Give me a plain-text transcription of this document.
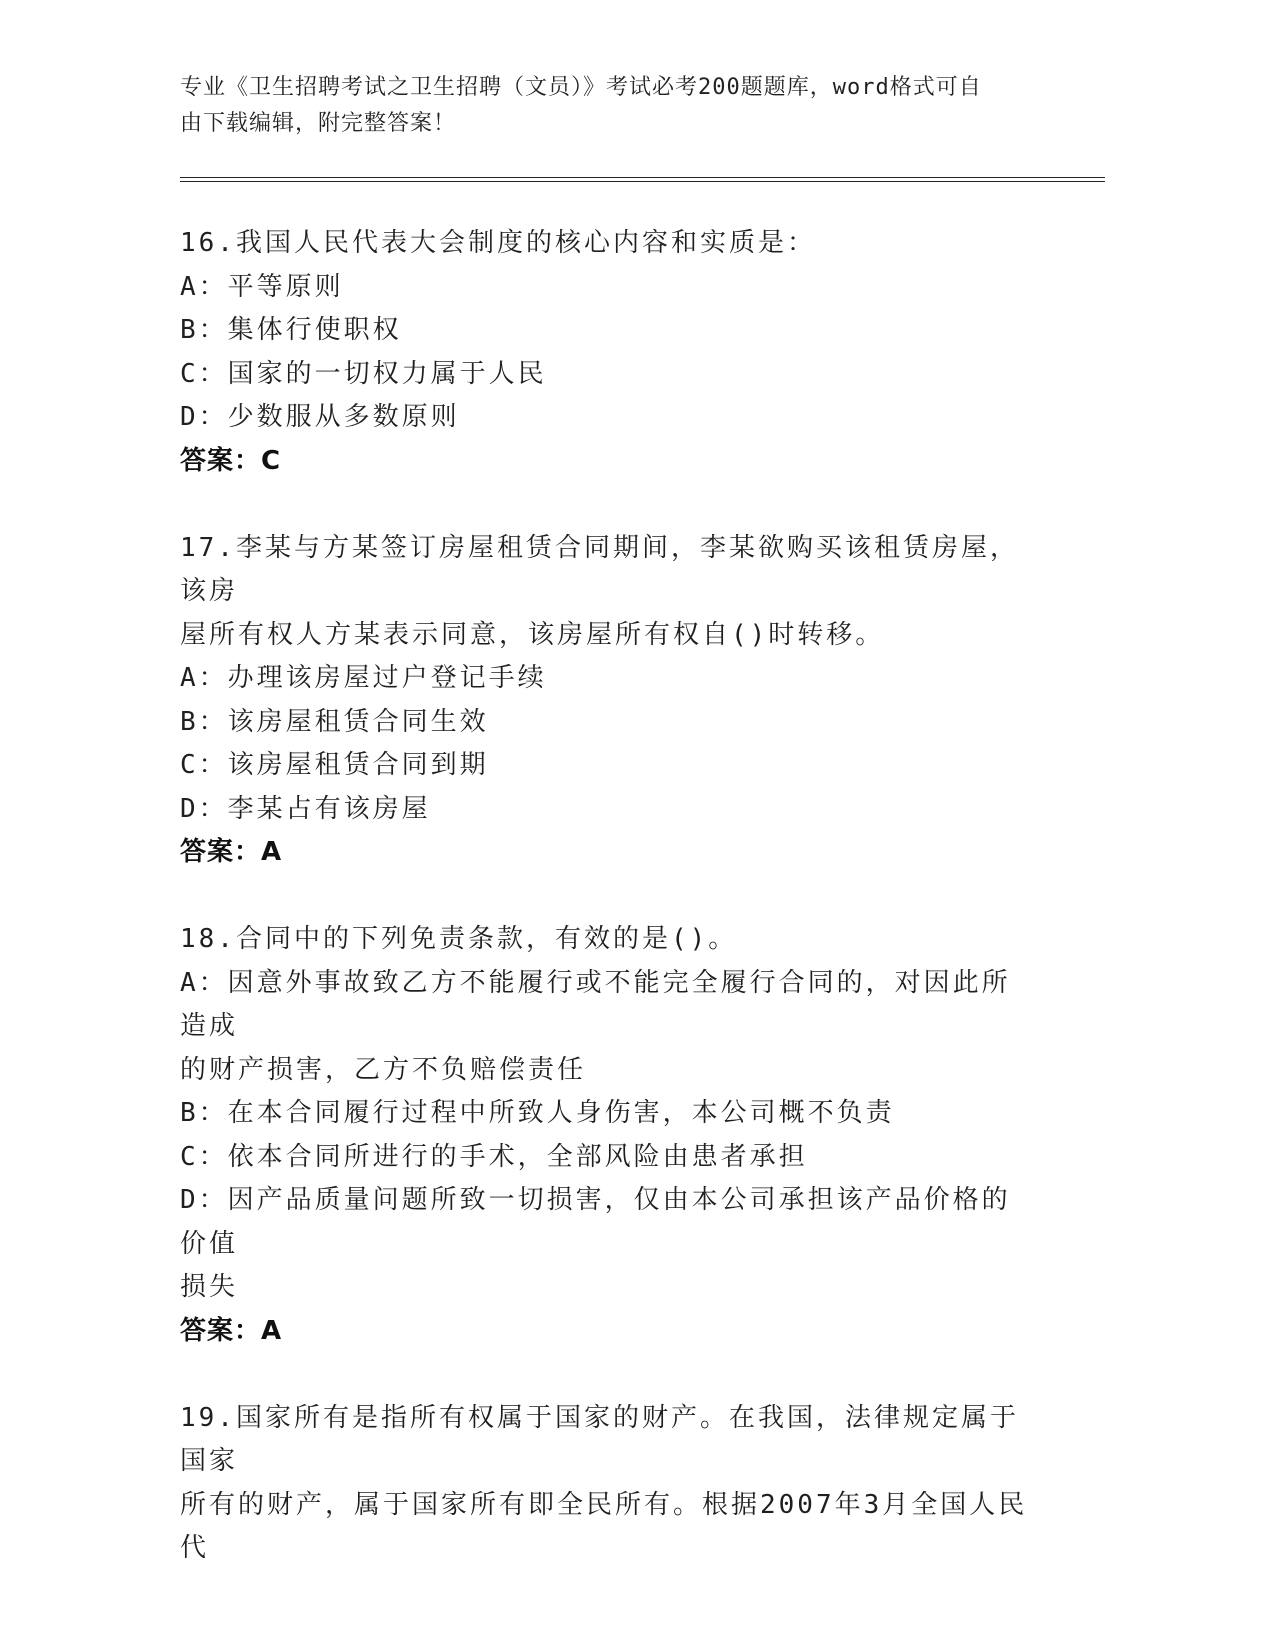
专业《卫生招聘考试之卫生招聘（文员）》考试必考200题题库，word格式可自
由下载编辑，附完整答案！
16.我国人民代表大会制度的核心内容和实质是：
A：平等原则
B：集体行使职权
C：国家的一切权力属于人民
D：少数服从多数原则
答案：C
17.李某与方某签订房屋租赁合同期间，李某欲购买该租赁房屋，该房
屋所有权人方某表示同意，该房屋所有权自()时转移。
A：办理该房屋过户登记手续
B：该房屋租赁合同生效
C：该房屋租赁合同到期
D：李某占有该房屋
答案：A
18.合同中的下列免责条款，有效的是()。
A：因意外事故致乙方不能履行或不能完全履行合同的，对因此所造成
的财产损害，乙方不负赔偿责任
B：在本合同履行过程中所致人身伤害，本公司概不负责
C：依本合同所进行的手术，全部风险由患者承担
D：因产品质量问题所致一切损害，仅由本公司承担该产品价格的价值
损失
答案：A
19.国家所有是指所有权属于国家的财产。在我国，法律规定属于国家
所有的财产，属于国家所有即全民所有。根据2007年3月全国人民代
